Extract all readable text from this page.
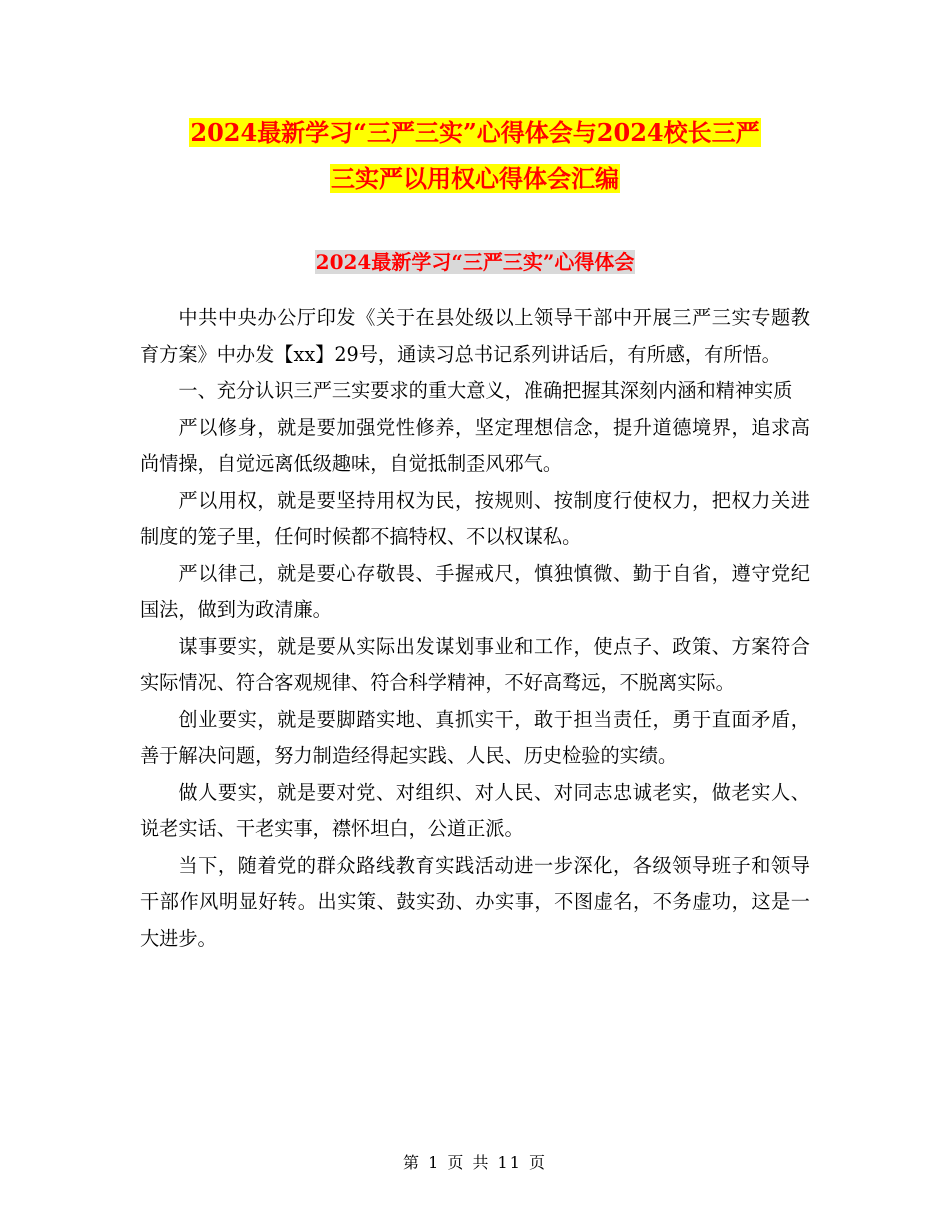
2024最新学习“三严三实”心得体会与2024校长三严
三实严以用权心得体会汇编
2024最新学习“三严三实”心得体会

中共中央办公厅印发《关于在县处级以上领导干部中开展三严三实专题教育方案》中办发【xx】29号，通读习总书记系列讲话后，有所感，有所悟。

一、充分认识三严三实要求的重大意义，准确把握其深刻内涵和精神实质

严以修身，就是要加强党性修养，坚定理想信念，提升道德境界，追求高尚情操，自觉远离低级趣味，自觉抵制歪风邪气。

严以用权，就是要坚持用权为民，按规则、按制度行使权力，把权力关进制度的笼子里，任何时候都不搞特权、不以权谋私。

严以律己，就是要心存敬畏、手握戒尺，慎独慎微、勤于自省，遵守党纪国法，做到为政清廉。

谋事要实，就是要从实际出发谋划事业和工作，使点子、政策、方案符合实际情况、符合客观规律、符合科学精神，不好高骛远，不脱离实际。

创业要实，就是要脚踏实地、真抓实干，敢于担当责任，勇于直面矛盾，善于解决问题，努力制造经得起实践、人民、历史检验的实绩。

做人要实，就是要对党、对组织、对人民、对同志忠诚老实，做老实人、说老实话、干老实事，襟怀坦白，公道正派。

当下，随着党的群众路线教育实践活动进一步深化，各级领导班子和领导干部作风明显好转。出实策、鼓实劲、办实事，不图虚名，不务虚功，这是一大进步。

第 1 页 共 11 页
